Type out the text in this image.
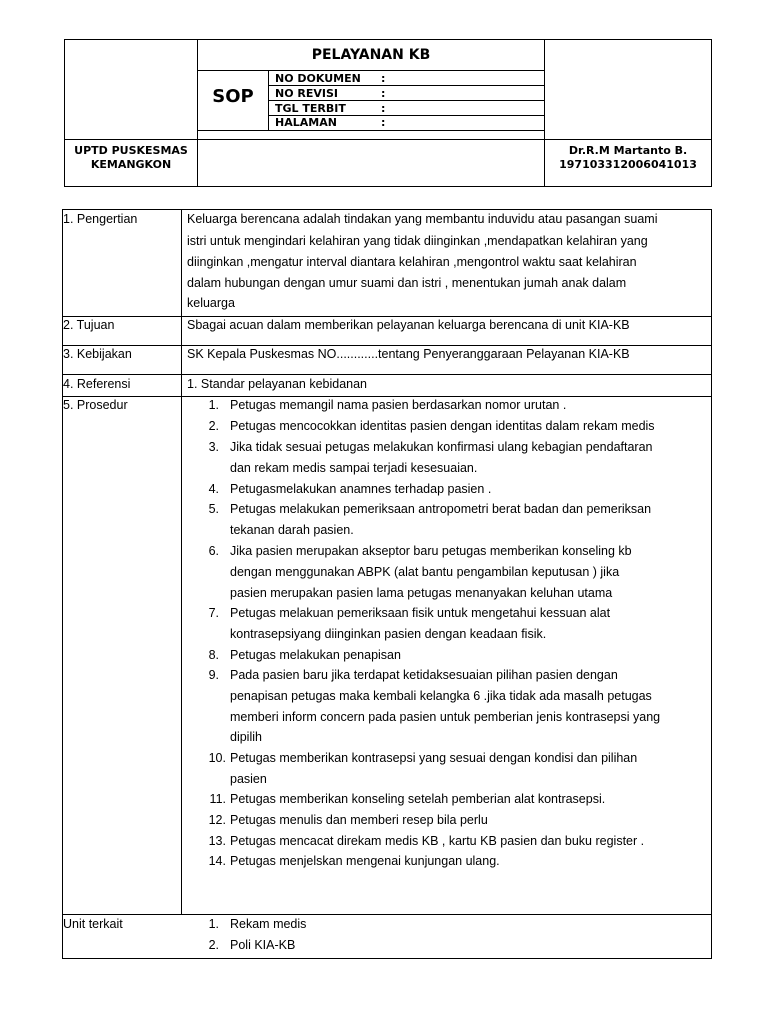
PELAYANAN KB
SOP
NO DOKUMEN :
NO REVISI	:
TGL TERBIT	:
HALAMAN	:
UPTD PUSKESMAS
KEMANGKON
Dr.R.M Martanto B.
197103312006041013
1. Pengertian	Keluarga berencana adalah tindakan yang membantu induvidu atau pasangan suami
istri untuk mengindari kelahiran yang tidak diinginkan ,mendapatkan kelahiran yang
diinginkan ,mengatur interval diantara kelahiran ,mengontrol waktu saat kelahiran
dalam hubungan dengan umur suami dan istri , menentukan jumah anak dalam
keluarga
2. Tujuan	Sbagai acuan dalam memberikan pelayanan keluarga berencana di unit KIA-KB
3. Kebijakan	SK Kepala Puskesmas NO............tentang Penyeranggaraan Pelayanan KIA-KB
4. Referensi	1. Standar pelayanan kebidanan
5. Prosedur	1. Petugas memangil nama pasien berdasarkan nomor urutan .
2. Petugas mencocokkan identitas pasien dengan identitas dalam rekam medis
3. Jika tidak sesuai petugas melakukan konfirmasi ulang kebagian pendaftaran
dan rekam medis sampai terjadi kesesuaian.
4. Petugasmelakukan anamnes terhadap pasien .
5. Petugas melakukan pemeriksaan antropometri berat badan dan pemeriksan
tekanan darah pasien.
6. Jika pasien merupakan akseptor baru petugas memberikan konseling kb
dengan menggunakan ABPK (alat bantu pengambilan keputusan ) jika
pasien merupakan pasien lama petugas menanyakan keluhan utama
7. Petugas melakuan pemeriksaan fisik untuk mengetahui kessuan alat
kontrasepsiyang diinginkan pasien dengan keadaan fisik.
8. Petugas melakukan penapisan
9. Pada pasien baru jika terdapat ketidaksesuaian pilihan pasien dengan
penapisan petugas maka kembali kelangka 6 .jika tidak ada masalh petugas
memberi inform concern pada pasien untuk pemberian jenis kontrasepsi yang
dipilih
10. Petugas memberikan kontrasepsi yang sesuai dengan kondisi dan pilihan
pasien
11. Petugas memberikan konseling setelah pemberian alat kontrasepsi.
12. Petugas menulis dan memberi resep bila perlu
13. Petugas mencacat direkam medis KB , kartu KB pasien dan buku register .
14. Petugas menjelskan mengenai kunjungan ulang.
Unit terkait	1. Rekam medis
2. Poli KIA-KB
